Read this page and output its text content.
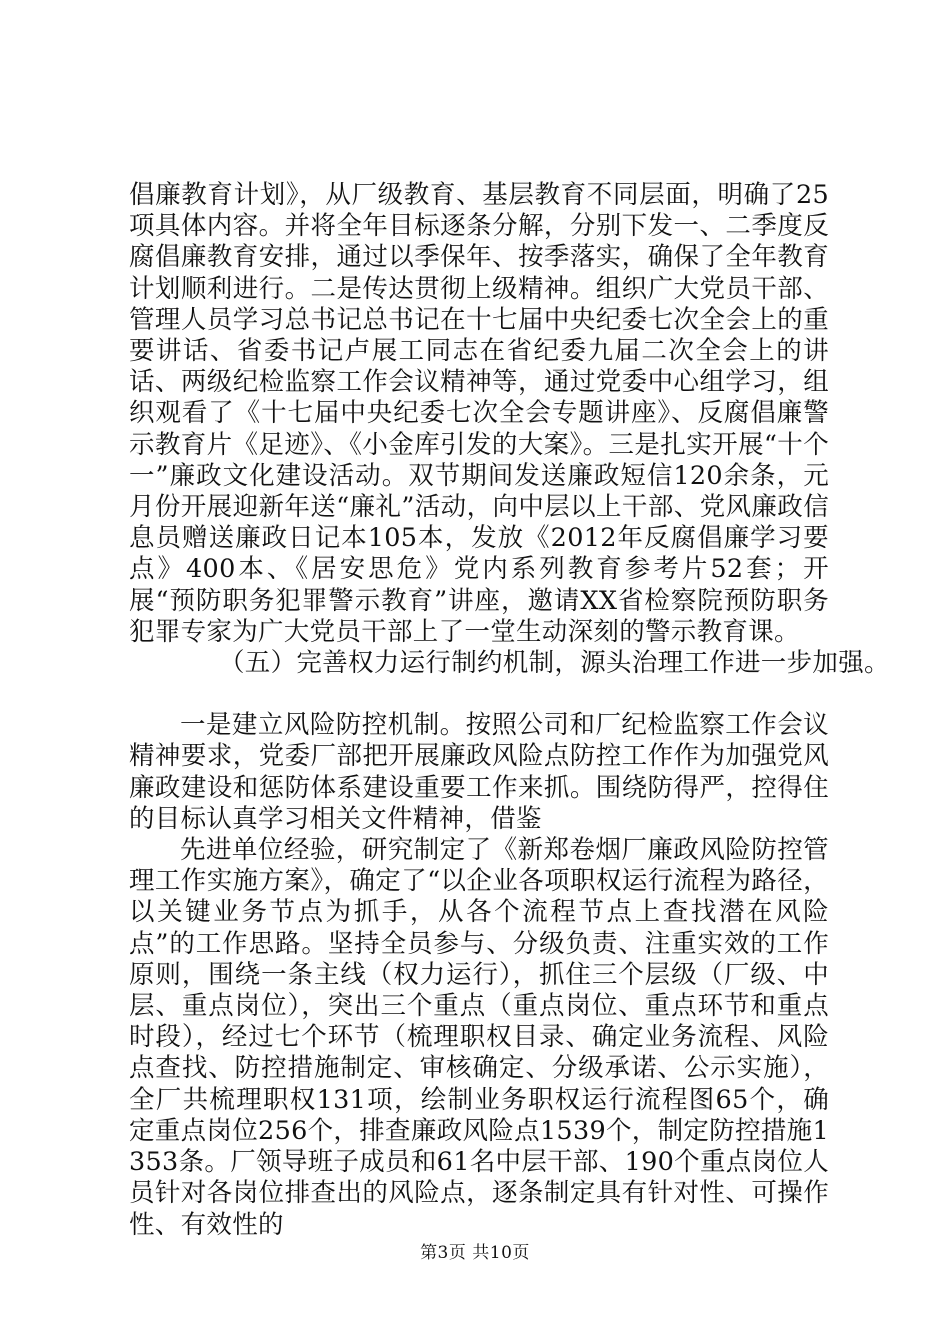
倡廉教育计划》，从厂级教育、基层教育不同层面，明确了25项具体内容。并将全年目标逐条分解，分别下发一、二季度反腐倡廉教育安排，通过以季保年、按季落实，确保了全年教育计划顺利进行。二是传达贯彻上级精神。组织广大党员干部、管理人员学习总书记总书记在十七届中央纪委七次全会上的重要讲话、省委书记卢展工同志在省纪委九届二次全会上的讲话、两级纪检监察工作会议精神等，通过党委中心组学习，组织观看了《十七届中央纪委七次全会专题讲座》、反腐倡廉警示教育片《足迹》、《小金库引发的大案》。三是扎实开展“十个一”廉政文化建设活动。双节期间发送廉政短信120余条，元月份开展迎新年送“廉礼”活动，向中层以上干部、党风廉政信息员赠送廉政日记本105本，发放《2012年反腐倡廉学习要点》400本、《居安思危》党内系列教育参考片52套；开展“预防职务犯罪警示教育”讲座，邀请XX省检察院预防职务犯罪专家为广大党员干部上了一堂生动深刻的警示教育课。

（五）完善权力运行制约机制，源头治理工作进一步加强。

一是建立风险防控机制。按照公司和厂纪检监察工作会议精神要求，党委厂部把开展廉政风险点防控工作作为加强党风廉政建设和惩防体系建设重要工作来抓。围绕防得严，控得住的目标认真学习相关文件精神，借鉴

先进单位经验，研究制定了《新郑卷烟厂廉政风险防控管理工作实施方案》，确定了“以企业各项职权运行流程为路径，以关键业务节点为抓手，从各个流程节点上查找潜在风险点”的工作思路。坚持全员参与、分级负责、注重实效的工作原则，围绕一条主线（权力运行），抓住三个层级（厂级、中层、重点岗位），突出三个重点（重点岗位、重点环节和重点时段），经过七个环节（梳理职权目录、确定业务流程、风险点查找、防控措施制定、审核确定、分级承诺、公示实施），全厂共梳理职权131项，绘制业务职权运行流程图65个，确定重点岗位256个，排查廉政风险点1539个，制定防控措施1353条。厂领导班子成员和61名中层干部、190个重点岗位人员针对各岗位排查出的风险点，逐条制定具有针对性、可操作性、有效性的

第3页 共10页
